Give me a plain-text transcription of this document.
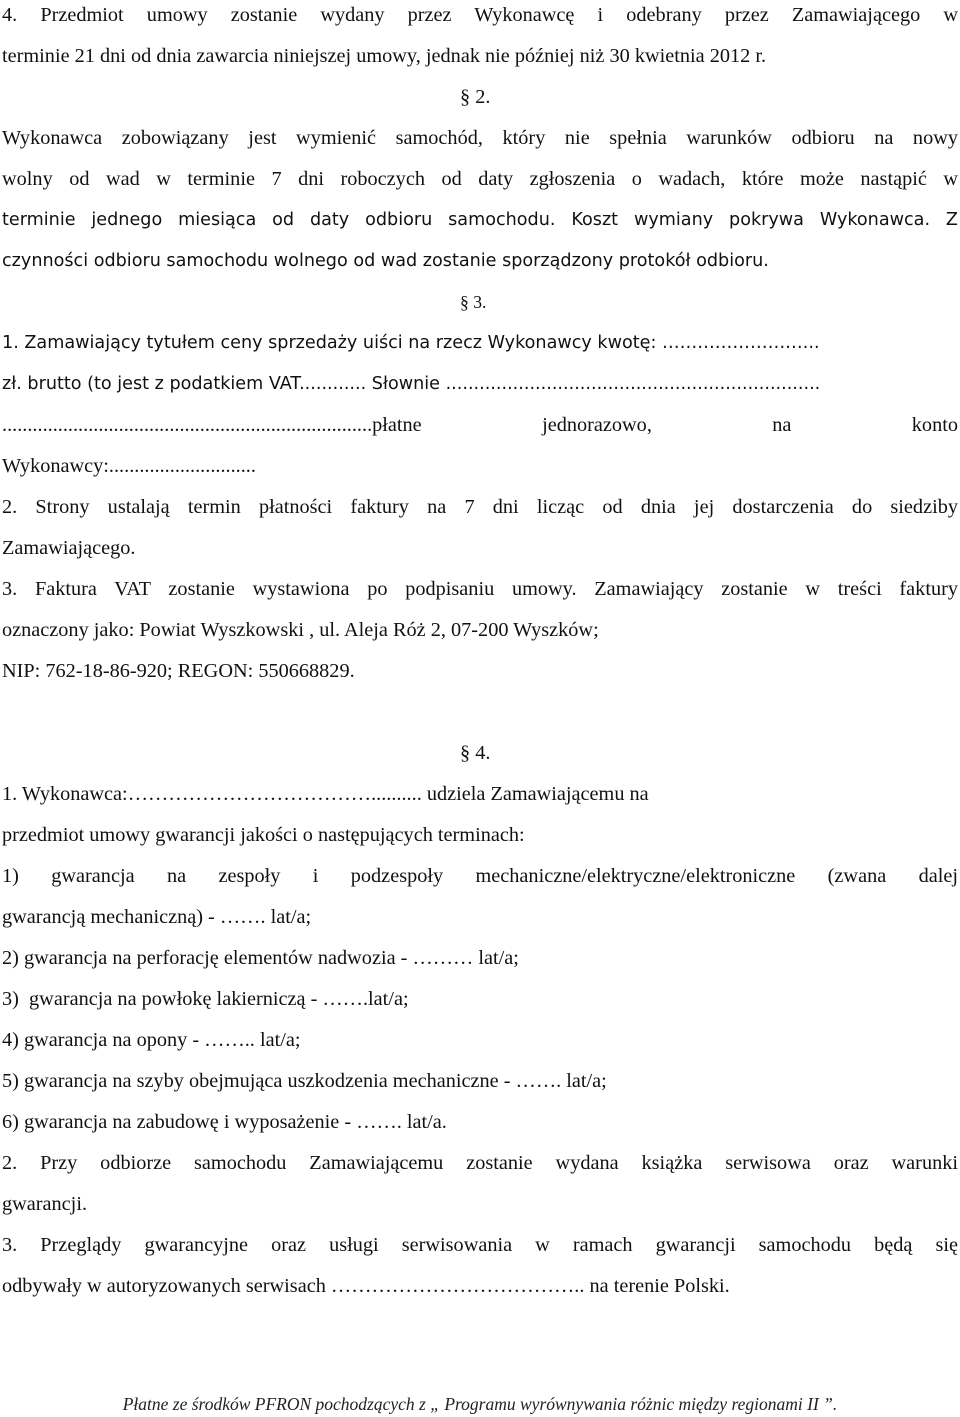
4. Przedmiot umowy zostanie wydany przez Wykonawcę i odebrany przez Zamawiającego w
terminie 21 dni od dnia zawarcia niniejszej umowy, jednak nie później niż 30 kwietnia 2012 r.
§ 2.
Wykonawca zobowiązany jest wymienić samochód, który nie spełnia warunków odbioru na nowy
wolny od wad w terminie 7 dni roboczych od daty zgłoszenia o wadach, które może nastąpić w
terminie jednego miesiąca od daty odbioru samochodu. Koszt wymiany pokrywa Wykonawca. Z
czynności odbioru samochodu wolnego od wad zostanie sporządzony protokół odbioru.
§ 3.
1. Zamawiający tytułem ceny sprzedaży uiści na rzecz Wykonawcy kwotę: ……………………...
zł. brutto (to jest z podatkiem VAT............ Słownie ...................................................................
.........................................................................płatne jednorazowo, na konto
Wykonawcy:.............................
2. Strony ustalają termin płatności faktury na 7 dni licząc od dnia jej dostarczenia do siedziby
Zamawiającego.
3. Faktura VAT zostanie wystawiona po podpisaniu umowy. Zamawiający zostanie w treści faktury
oznaczony jako: Powiat Wyszkowski , ul. Aleja Róż 2, 07-200 Wyszków;
NIP: 762-18-86-920; REGON: 550668829.
§ 4.
1. Wykonawca:……………………………….......... udziela Zamawiającemu na
przedmiot umowy gwarancji jakości o następujących terminach:
1) gwarancja na zespoły i podzespoły mechaniczne/elektryczne/elektroniczne (zwana dalej
gwarancją mechaniczną) - ……. lat/a;
2) gwarancja na perforację elementów nadwozia - ……… lat/a;
3)  gwarancja na powłokę lakierniczą - …….lat/a;
4) gwarancja na opony - …….. lat/a;
5) gwarancja na szyby obejmująca uszkodzenia mechaniczne - ……. lat/a;
6) gwarancja na zabudowę i wyposażenie - ……. lat/a.
2. Przy odbiorze samochodu Zamawiającemu zostanie wydana książka serwisowa oraz warunki
gwarancji.
3. Przeglądy gwarancyjne oraz usługi serwisowania w ramach gwarancji samochodu będą się
odbywały w autoryzowanych serwisach ……………………………….. na terenie Polski.
Płatne ze środków PFRON pochodzących z „ Programu wyrównywania różnic między regionami II ”.
